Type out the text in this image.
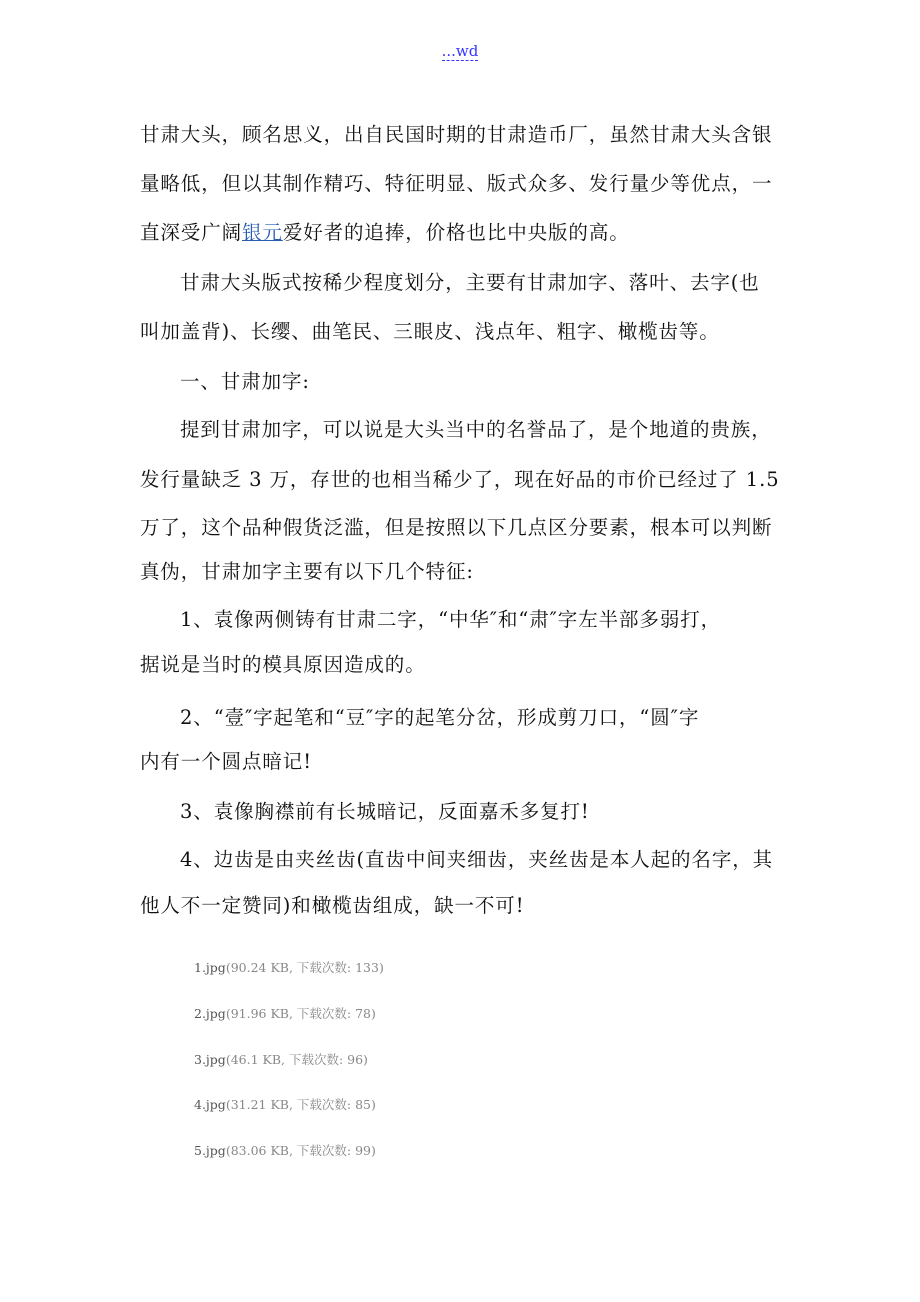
...wd
甘肃大头，顾名思义，出自民国时期的甘肃造币厂，虽然甘肃大头含银
量略低，但以其制作精巧、特征明显、版式众多、发行量少等优点，一
直深受广阔银元爱好者的追捧，价格也比中央版的高。
甘肃大头版式按稀少程度划分，主要有甘肃加字、落叶、去字(也
叫加盖背)、长缨、曲笔民、三眼皮、浅点年、粗字、橄榄齿等。
一、甘肃加字:
提到甘肃加字，可以说是大头当中的名誉品了，是个地道的贵族，
发行量缺乏 3 万，存世的也相当稀少了，现在好品的市价已经过了 1.5
万了，这个品种假货泛滥，但是按照以下几点区分要素，根本可以判断
真伪，甘肃加字主要有以下几个特征:
1、袁像两侧铸有甘肃二字，“中华″和“肃″字左半部多弱打，
据说是当时的模具原因造成的。
2、“壹″字起笔和“豆″字的起笔分岔，形成剪刀口，“圆″字
内有一个圆点暗记!
3、袁像胸襟前有长城暗记，反面嘉禾多复打!
4、边齿是由夹丝齿(直齿中间夹细齿，夹丝齿是本人起的名字，其
他人不一定赞同)和橄榄齿组成，缺一不可!
1.jpg(90.24 KB, 下载次数: 133)
2.jpg(91.96 KB, 下载次数: 78)
3.jpg(46.1 KB, 下载次数: 96)
4.jpg(31.21 KB, 下载次数: 85)
5.jpg(83.06 KB, 下载次数: 99)
